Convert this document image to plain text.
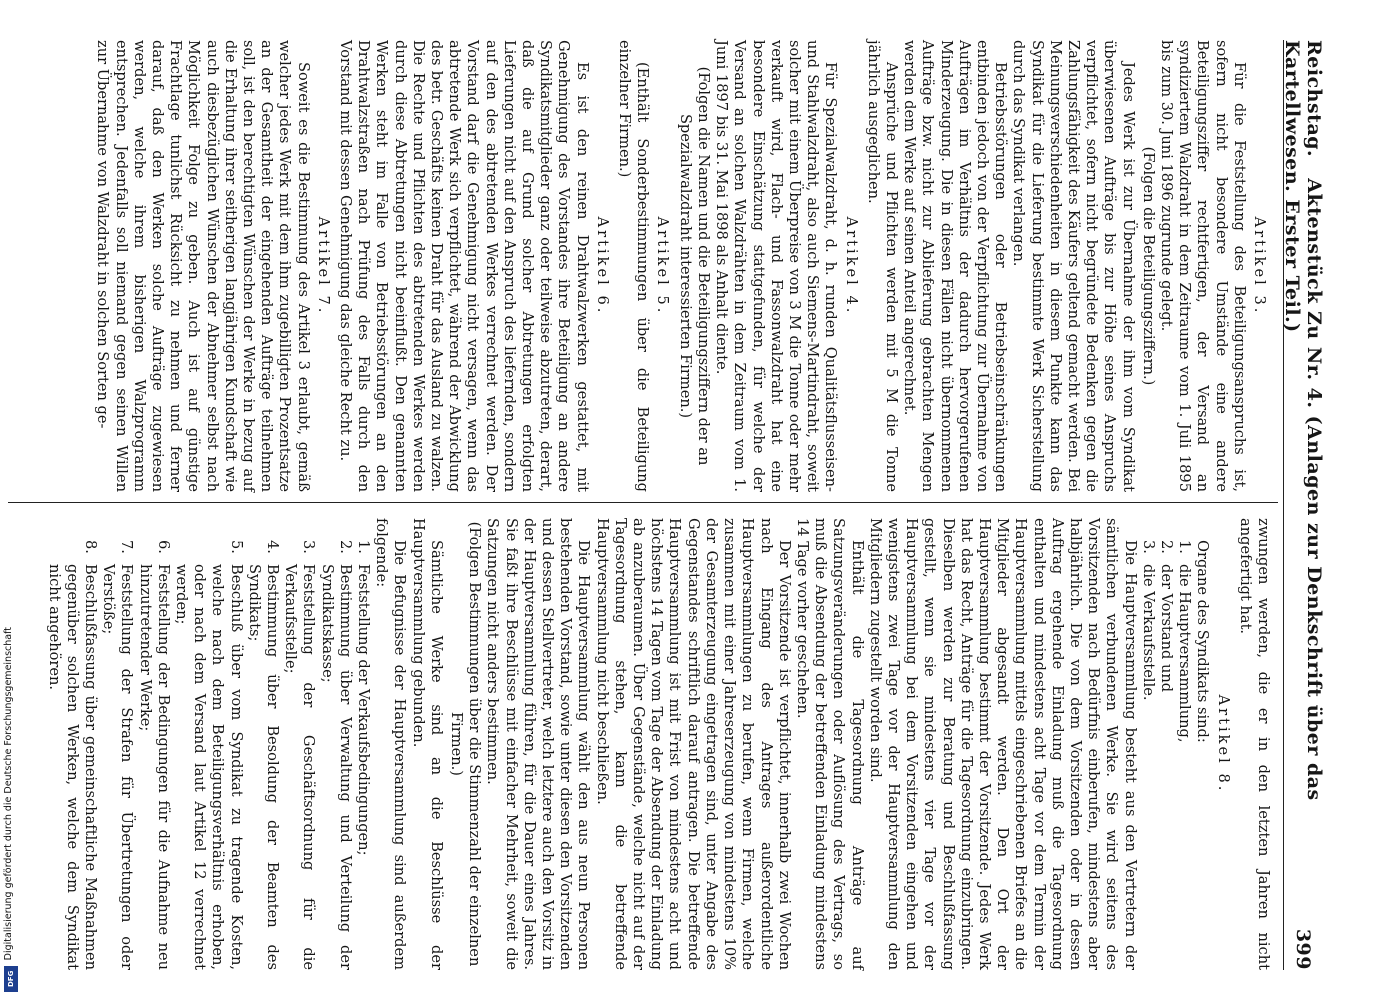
Digitalisierung gefördert durch die Deutsche Forschungsgemeinschaft
DFG
Reichstag. Aktenstück Zu Nr. 4. (Anlagen zur Denkschrift über das Kartellwesen. Erster Teil.)
399

Artikel 3.

Für die Feststellung des Beteiligungsanspruchs ist, sofern nicht besondere Umstände eine andere Beteiligungsziffer rechtfertigen, der Versand an syndiziertem Walzdraht in dem Zeitraume vom 1. Juli 1895 bis zum 30. Juni 1896 zugrunde gelegt.

(Folgen die Beteiligungsziffern.)

Jedes Werk ist zur Übernahme der ihm vom Syndikat überwiesenen Aufträge bis zur Höhe seines Anspruchs verpflichtet, sofern nicht begründete Bedenken gegen die Zahlungsfähigkeit des Käufers geltend gemacht werden. Bei Meinungsverschiedenheiten in diesem Punkte kann das Syndikat für die Lieferung bestimmte Werk Sicherstellung durch das Syndikat verlangen.

Betriebsstörungen oder Betriebseinschränkungen entbinden jedoch von der Verpflichtung zur Übernahme von Aufträgen im Verhältnis der dadurch hervorgerufenen Minderzeugung. Die in diesen Fällen nicht übernommenen Aufträge bzw. nicht zur Ablieferung gebrachten Mengen werden dem Werke auf seinen Anteil angerechnet.

Ansprüche und Pflichten werden mit 5 M die Tonne jährlich ausgeglichen.

Artikel 4.

Für Spezialwalzdraht, d. h. runden Qualitätsflusseisen- und Stahlwalzdraht, also auch Siemens-Martindraht, soweit solcher mit einem Überpreise von 3 M die Tonne oder mehr verkauft wird, Flach- und Fassonwalzdraht hat eine besondere Einschätzung stattgefunden, für welche der Versand an solchen Walzdrähten in dem Zeitraum vom 1. Juni 1897 bis 31. Mai 1898 als Anhalt diente.

(Folgen die Namen und die Beteiligungsziffern der an Spezialwalzdraht interessierten Firmen.)

Artikel 5.

(Enthält Sonderbestimmungen über die Beteiligung einzelner Firmen.)

Artikel 6.

Es ist den reinen Drahtwalzwerken gestattet, mit Genehmigung des Vorstandes ihre Beteiligung an andere Syndikatsmitglieder ganz oder teilweise abzutreten, derart, daß die auf Grund solcher Abtretungen erfolgten Lieferungen nicht auf den Anspruch des liefernden, sondern auf den des abtretenden Werkes verrechnet werden. Der Vorstand darf die Genehmigung nicht versagen, wenn das abtretende Werk sich verpflichtet, während der Abwicklung des betr. Geschäfts keinen Draht für das Ausland zu walzen. Die Rechte und Pflichten des abtretenden Werkes werden durch diese Abtretungen nicht beeinflußt. Den genannten Werken steht im Falle von Betriebsstörungen an den Drahtwalzstraßen nach Prüfung des Falls durch den Vorstand mit dessen Genehmigung das gleiche Recht zu.

Artikel 7.

Soweit es die Bestimmung des Artikel 3 erlaubt, gemäß welcher jedes Werk mit dem ihm zugebilligten Prozentsatze an der Gesamtheit der eingehenden Aufträge teilnehmen soll, ist den berechtigten Wünschen der Werke in bezug auf die Erhaltung ihrer seitherigen langjährigen Kundschaft wie auch diesbezüglichen Wünschen der Abnehmer selbst nach Möglichkeit Folge zu geben. Auch ist auf günstige Frachtlage tunlichst Rücksicht zu nehmen und ferner darauf, daß den Werken solche Aufträge zugewiesen werden, welche ihrem bisherigen Walzprogramm entsprechen. Jedenfalls soll niemand gegen seinen Willen zur Übernahme von Walzdraht in solchen Sorten ge-

zwungen werden, die er in den letzten Jahren nicht angefertigt hat.

Artikel 8.

Organe des Syndikats sind:

1.
die Hauptversammlung,

2.
der Vorstand und

3.
die Verkaufsstelle.

Die Hauptversammlung besteht aus den Vertretern der sämtlichen verbundenen Werke. Sie wird seitens des Vorsitzenden nach Bedürfnis einberufen, mindestens aber halbjährlich. Die von dem Vorsitzenden oder in dessen Auftrag ergehende Einladung muß die Tagesordnung enthalten und mindestens acht Tage vor dem Termin der Hauptversammlung mittels eingeschriebenen Briefes an die Mitglieder abgesandt werden. Den Ort der Hauptversammlung bestimmt der Vorsitzende. Jedes Werk hat das Recht, Anträge für die Tagesordnung einzubringen. Dieselben werden zur Beratung und Beschlußfassung gestellt, wenn sie mindestens vier Tage vor der Hauptversammlung bei dem Vorsitzenden eingehen und wenigstens zwei Tage vor der Hauptversammlung den Mitgliedern zugestellt worden sind.

Enthält die Tagesordnung Anträge auf Satzungsveränderungen oder Auflösung des Vertrags, so muß die Absendung der betreffenden Einladung mindestens 14 Tage vorher geschehen.

Der Vorsitzende ist verpflichtet, innerhalb zwei Wochen nach Eingang des Antrages außerordentliche Hauptversammlungen zu berufen, wenn Firmen, welche zusammen mit einer Jahreserzeugung von mindestens 10% der Gesamterzeugung eingetragen sind, unter Angabe des Gegenstandes schriftlich darauf antragen. Die betreffende Hauptversammlung ist mit Frist von mindestens acht und höchstens 14 Tagen vom Tage der Absendung der Einladung ab anzuberaumen. Über Gegenstände, welche nicht auf der Tagesordnung stehen, kann die betreffende Hauptversammlung nicht beschließen.

Die Hauptversammlung wählt den aus neun Personen bestehenden Vorstand, sowie unter diesen den Vorsitzenden und dessen Stellvertreter, welch letztere auch den Vorsitz in der Hauptversammlung führen, für die Dauer eines Jahres. Sie faßt ihre Beschlüsse mit einfacher Mehrheit, soweit die Satzungen nicht anders bestimmen.

(Folgen Bestimmungen über die Stimmenzahl der einzelnen Firmen.)

Sämtliche Werke sind an die Beschlüsse der Hauptversammlung gebunden.

Die Befugnisse der Hauptversammlung sind außerdem folgende:

1.
Feststellung der Verkaufsbedingungen;

2.
Bestimmung über Verwaltung und Verteilung der Syndikatskasse;

3.
Feststellung der Geschäftsordnung für die Verkaufsstelle;

4.
Bestimmung über Besoldung der Beamten des Syndikats;

5.
Beschluß über vom Syndikat zu tragende Kosten, welche nach dem Beteiligungsverhältnis erhoben, oder nach dem Versand laut Artikel 12 verrechnet werden;

6.
Feststellung der Bedingungen für die Aufnahme neu hinzutretender Werke;

7.
Feststellung der Strafen für Übertretungen oder Verstöße;

8.
Beschlußfassung über gemeinschaftliche Maßnahmen gegenüber solchen Werken, welche dem Syndikat nicht angehören.
